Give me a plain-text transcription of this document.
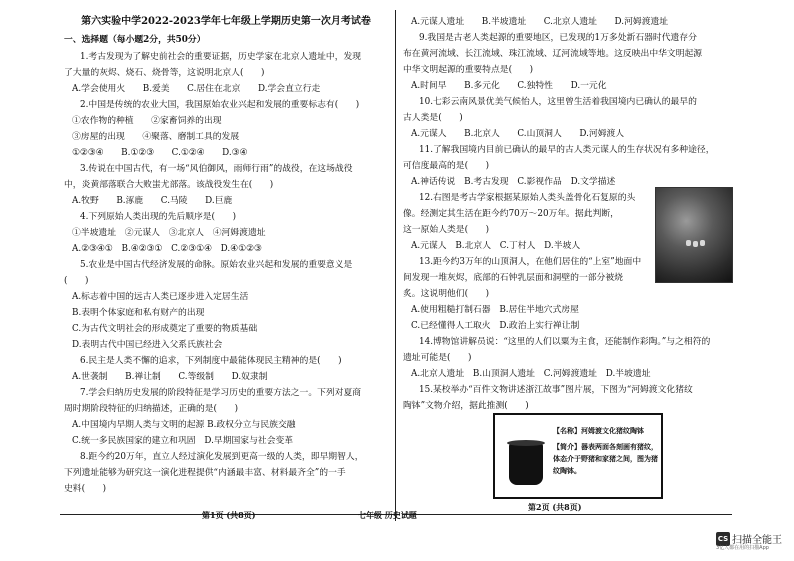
第六实验中学2022-2023学年七年级上学期历史第一次月考试卷
一、选择题（每小题2分，共50分）
1.考古发现为了解史前社会的重要证据，历史学家在北京人遗址中，发现
了大量的灰烬、烧石、烧骨等，这说明北京人(　　)
A.学会使用火　　B.爱美　　C.居住在北京　　D.学会直立行走
2.中国是传统的农业大国，我国原始农业兴起和发展的重要标志有(　　)
①农作物的种植　　②家畜饲养的出现
③房屋的出现　　④聚落、磨制工具的发展
①②③④　　B.①②③　　C.①②④　　D.③④
3.传说在中国古代，有一场“风伯御风，雨师行雨”的战役，在这场战役
中，炎黄部落联合大败蚩尤部落。该战役发生在(　　)
A.牧野　　B.涿鹿　　C.马陵　　D.巨鹿
4.下列原始人类出现的先后顺序是(　　)
①半坡遗址　②元谋人　③北京人　④河姆渡遗址
A.②③④①　B.④②③①　C.②③①④　D.④①②③
5.农业是中国古代经济发展的命脉。原始农业兴起和发展的重要意义是
(　　)
A.标志着中国的远古人类已逐步进入定居生活
B.表明个体家庭和私有财产的出现
C.为古代文明社会的形成奠定了重要的物质基础
D.表明古代中国已经进入父系氏族社会
6.民主是人类不懈的追求，下列制度中最能体现民主精神的是(　　)
A.世袭制　　B.禅让制　　C.等级制　　D.奴隶制
7.学会归纳历史发展的阶段特征是学习历史的重要方法之一。下列对夏商
周时期阶段特征的归纳描述，正确的是(　　)
A.中国境内早期人类与文明的起源 B.政权分立与民族交融
C.统一多民族国家的建立和巩固　D.早期国家与社会变革
8.距今约20万年，直立人经过演化发展到更高一级的人类，即早期智人，
下列遗址能够为研究这一演化进程提供“内涵最丰富、材料最齐全”的一手
史料(　　)
A.元谋人遗址　　B.半坡遗址　　C.北京人遗址　　D.河姆渡遗址
9.我国是古老人类起源的重要地区，已发现的1万多处新石器时代遗存分
布在黄河流域、长江流域、珠江流域、辽河流域等地。这反映出中华文明起源
中华文明起源的重要特点是(　　)
A.时间早　　B.多元化　　C.独特性　　D.一元化
10.七彩云南风景优美气候怡人，这里曾生活着我国境内已确认的最早的
古人类是(　　)
A.元谋人　　B.北京人　　C.山顶洞人　　D.河姆渡人
11.了解我国境内目前已确认的最早的古人类元谋人的生存状况有多种途径，
可信度最高的是(　　)
A.神话传说　B.考古发现　C.影视作品　D.文学描述
12.右图是考古学家根据某原始人类头盖骨化石复原的头
像。经测定其生活在距今约70万～20万年。据此判断，
这一原始人类是(　　)
A.元谋人　B.北京人　C.丁村人　D.半坡人
13.距今约3万年的山顶洞人，在他们居住的“上室”地面中
间发现一堆灰烬，底部的石钟乳层面和洞壁的一部分被烧
炙。这说明他们(　　)
A.使用粗糙打制石器　B.居住半地穴式房屋
C.已经懂得人工取火　D.政治上实行禅让制
14.博物馆讲解员说：“这里的人们以粟为主食，还能制作彩陶。”与之相符的
遗址可能是(　　)
A.北京人遗址　B.山顶洞人遗址　C.河姆渡遗址　D.半坡遗址
15.某校举办“百件文物讲述浙江故事”图片展，下图为“河姆渡文化猪纹
陶钵”文物介绍，据此推测(　　)
【名称】河姆渡文化猪纹陶钵
【简介】器表两面各刻画有猪纹，体态介于野猪和家猪之间，图为猪纹陶钵。
第1页 (共8页)	七年级 历史试题
第2页 (共8页)
CS 扫描全能王
3亿人都在用的扫描App
